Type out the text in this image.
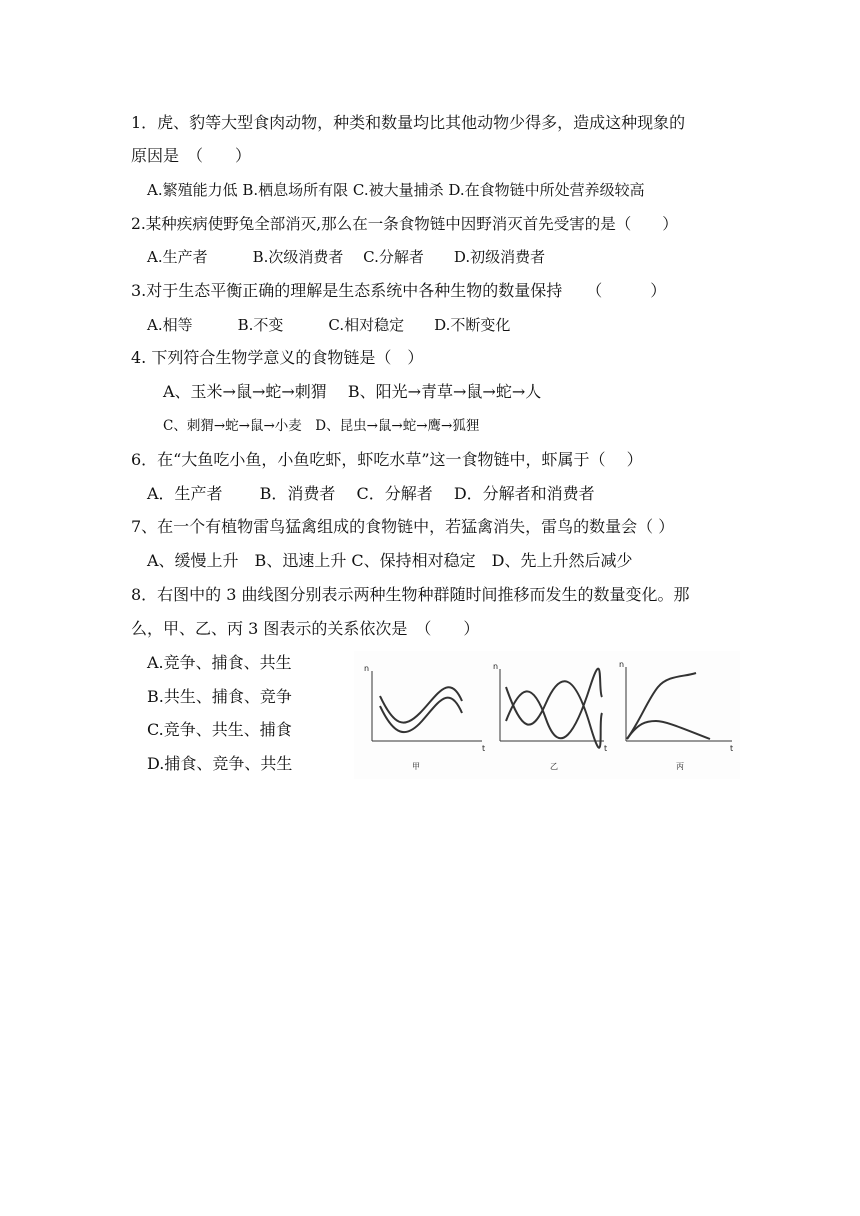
1．虎、豹等大型食肉动物，种类和数量均比其他动物少得多，造成这种现象的
原因是　（　　）
A.繁殖能力低 B.栖息场所有限 C.被大量捕杀 D.在食物链中所处营养级较高
2.某种疾病使野兔全部消灭,那么在一条食物链中因野消灭首先受害的是（　　）
A.生产者　　　B.次级消费者　 C.分解者　　D.初级消费者
3.对于生态平衡正确的理解是生态系统中各种生物的数量保持　　（　　　）
A.相等　　　B.不变　　　C.相对稳定　　D.不断变化
4. 下列符合生物学意义的食物链是（　）
A、玉米→鼠→蛇→刺猬　 B、阳光→青草→鼠→蛇→人
C、刺猬→蛇→鼠→小麦　D、昆虫→鼠→蛇→鹰→狐狸
6．在“大鱼吃小鱼，小鱼吃虾，虾吃水草”这一食物链中，虾属于（　 ）
A．生产者　　 B．消费者　 C．分解者　 D．分解者和消费者
7、在一个有植物雷鸟猛禽组成的食物链中，若猛禽消失，雷鸟的数量会（ ）
A、缓慢上升　B、迅速上升 C、保持相对稳定　D、先上升然后减少
8．右图中的 3 曲线图分别表示两种生物种群随时间推移而发生的数量变化。那
么，甲、乙、丙 3 图表示的关系依次是　（　　）
A.竞争、捕食、共生
B.共生、捕食、竞争
C.竞争、共生、捕食
D.捕食、竞争、共生
n
t
甲
n
t
乙
n
t
丙
